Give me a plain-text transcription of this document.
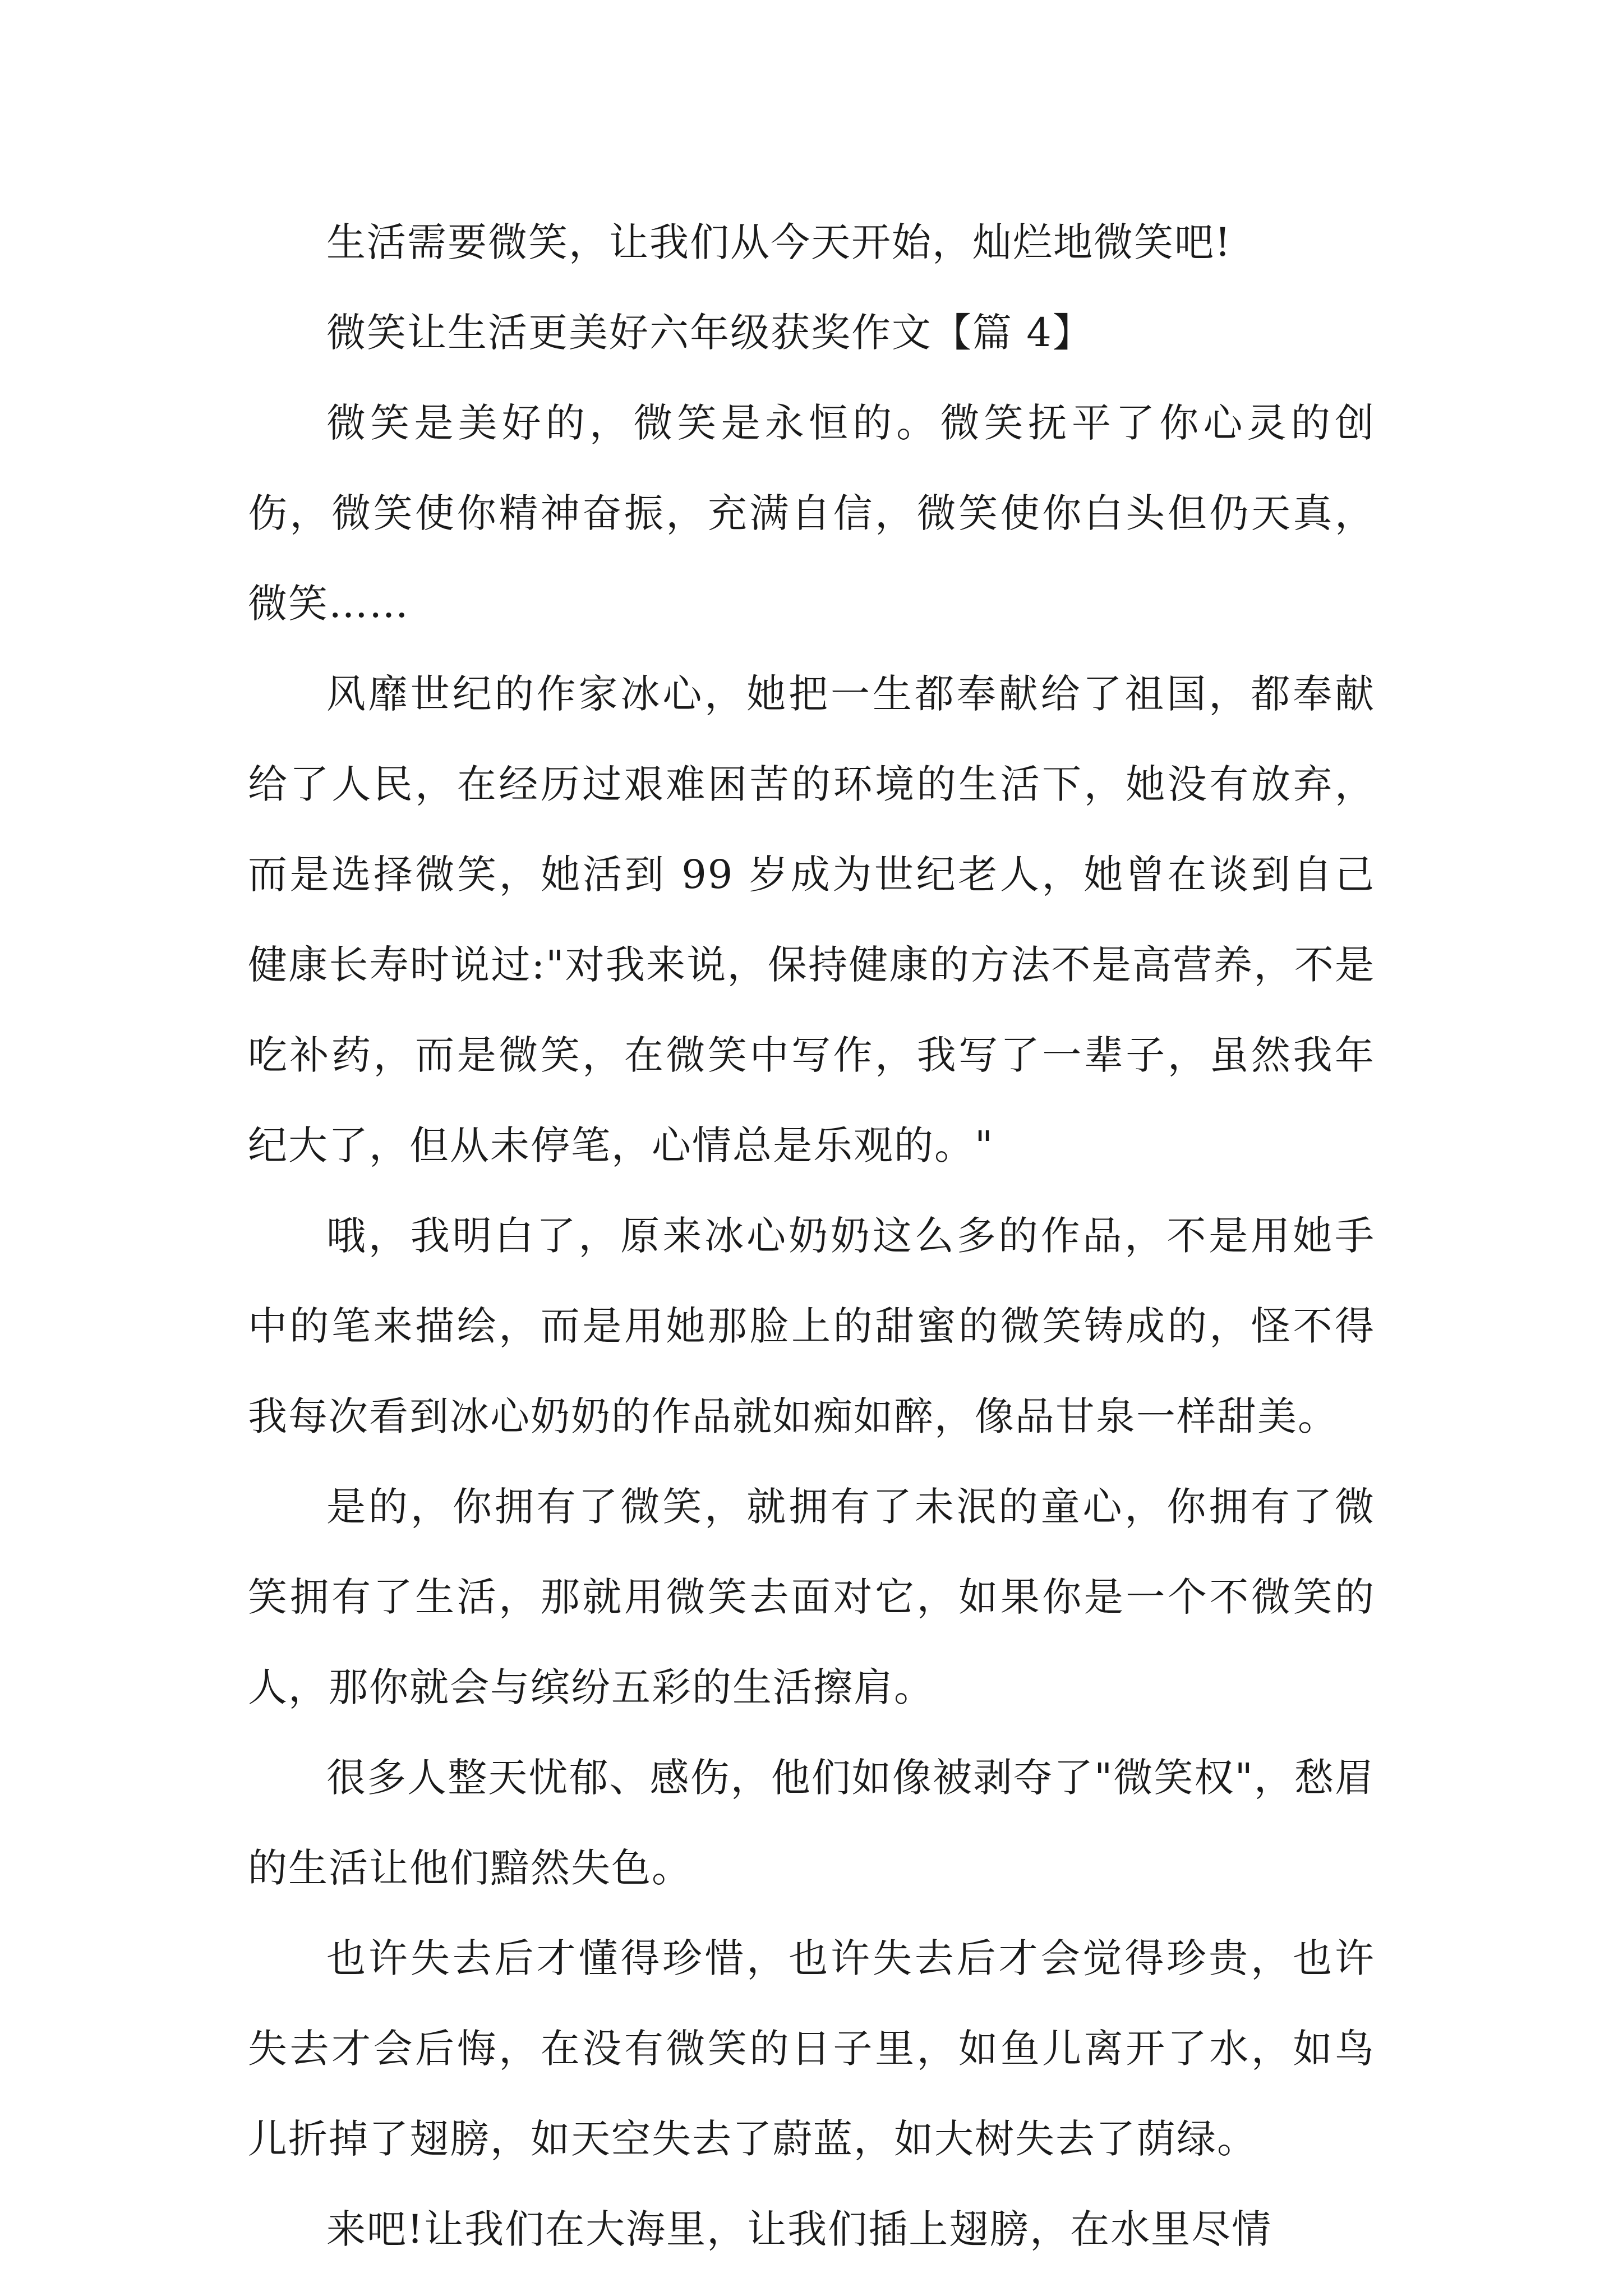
生活需要微笑，让我们从今天开始，灿烂地微笑吧!

微笑让生活更美好六年级获奖作文【篇 4】

微笑是美好的，微笑是永恒的。微笑抚平了你心灵的创伤，微笑使你精神奋振，充满自信，微笑使你白头但仍天真，微笑……

风靡世纪的作家冰心，她把一生都奉献给了祖国，都奉献给了人民，在经历过艰难困苦的环境的生活下，她没有放弃，而是选择微笑，她活到 99 岁成为世纪老人，她曾在谈到自己健康长寿时说过:"对我来说，保持健康的方法不是高营养，不是吃补药，而是微笑，在微笑中写作，我写了一辈子，虽然我年纪大了，但从未停笔，心情总是乐观的。"

哦，我明白了，原来冰心奶奶这么多的作品，不是用她手中的笔来描绘，而是用她那脸上的甜蜜的微笑铸成的，怪不得我每次看到冰心奶奶的作品就如痴如醉，像品甘泉一样甜美。

是的，你拥有了微笑，就拥有了未泯的童心，你拥有了微笑拥有了生活，那就用微笑去面对它，如果你是一个不微笑的人，那你就会与缤纷五彩的生活擦肩。

很多人整天忧郁、感伤，他们如像被剥夺了"微笑权"，愁眉的生活让他们黯然失色。

也许失去后才懂得珍惜，也许失去后才会觉得珍贵，也许失去才会后悔，在没有微笑的日子里，如鱼儿离开了水，如鸟儿折掉了翅膀，如天空失去了蔚蓝，如大树失去了荫绿。

来吧!让我们在大海里，让我们插上翅膀，在水里尽情
